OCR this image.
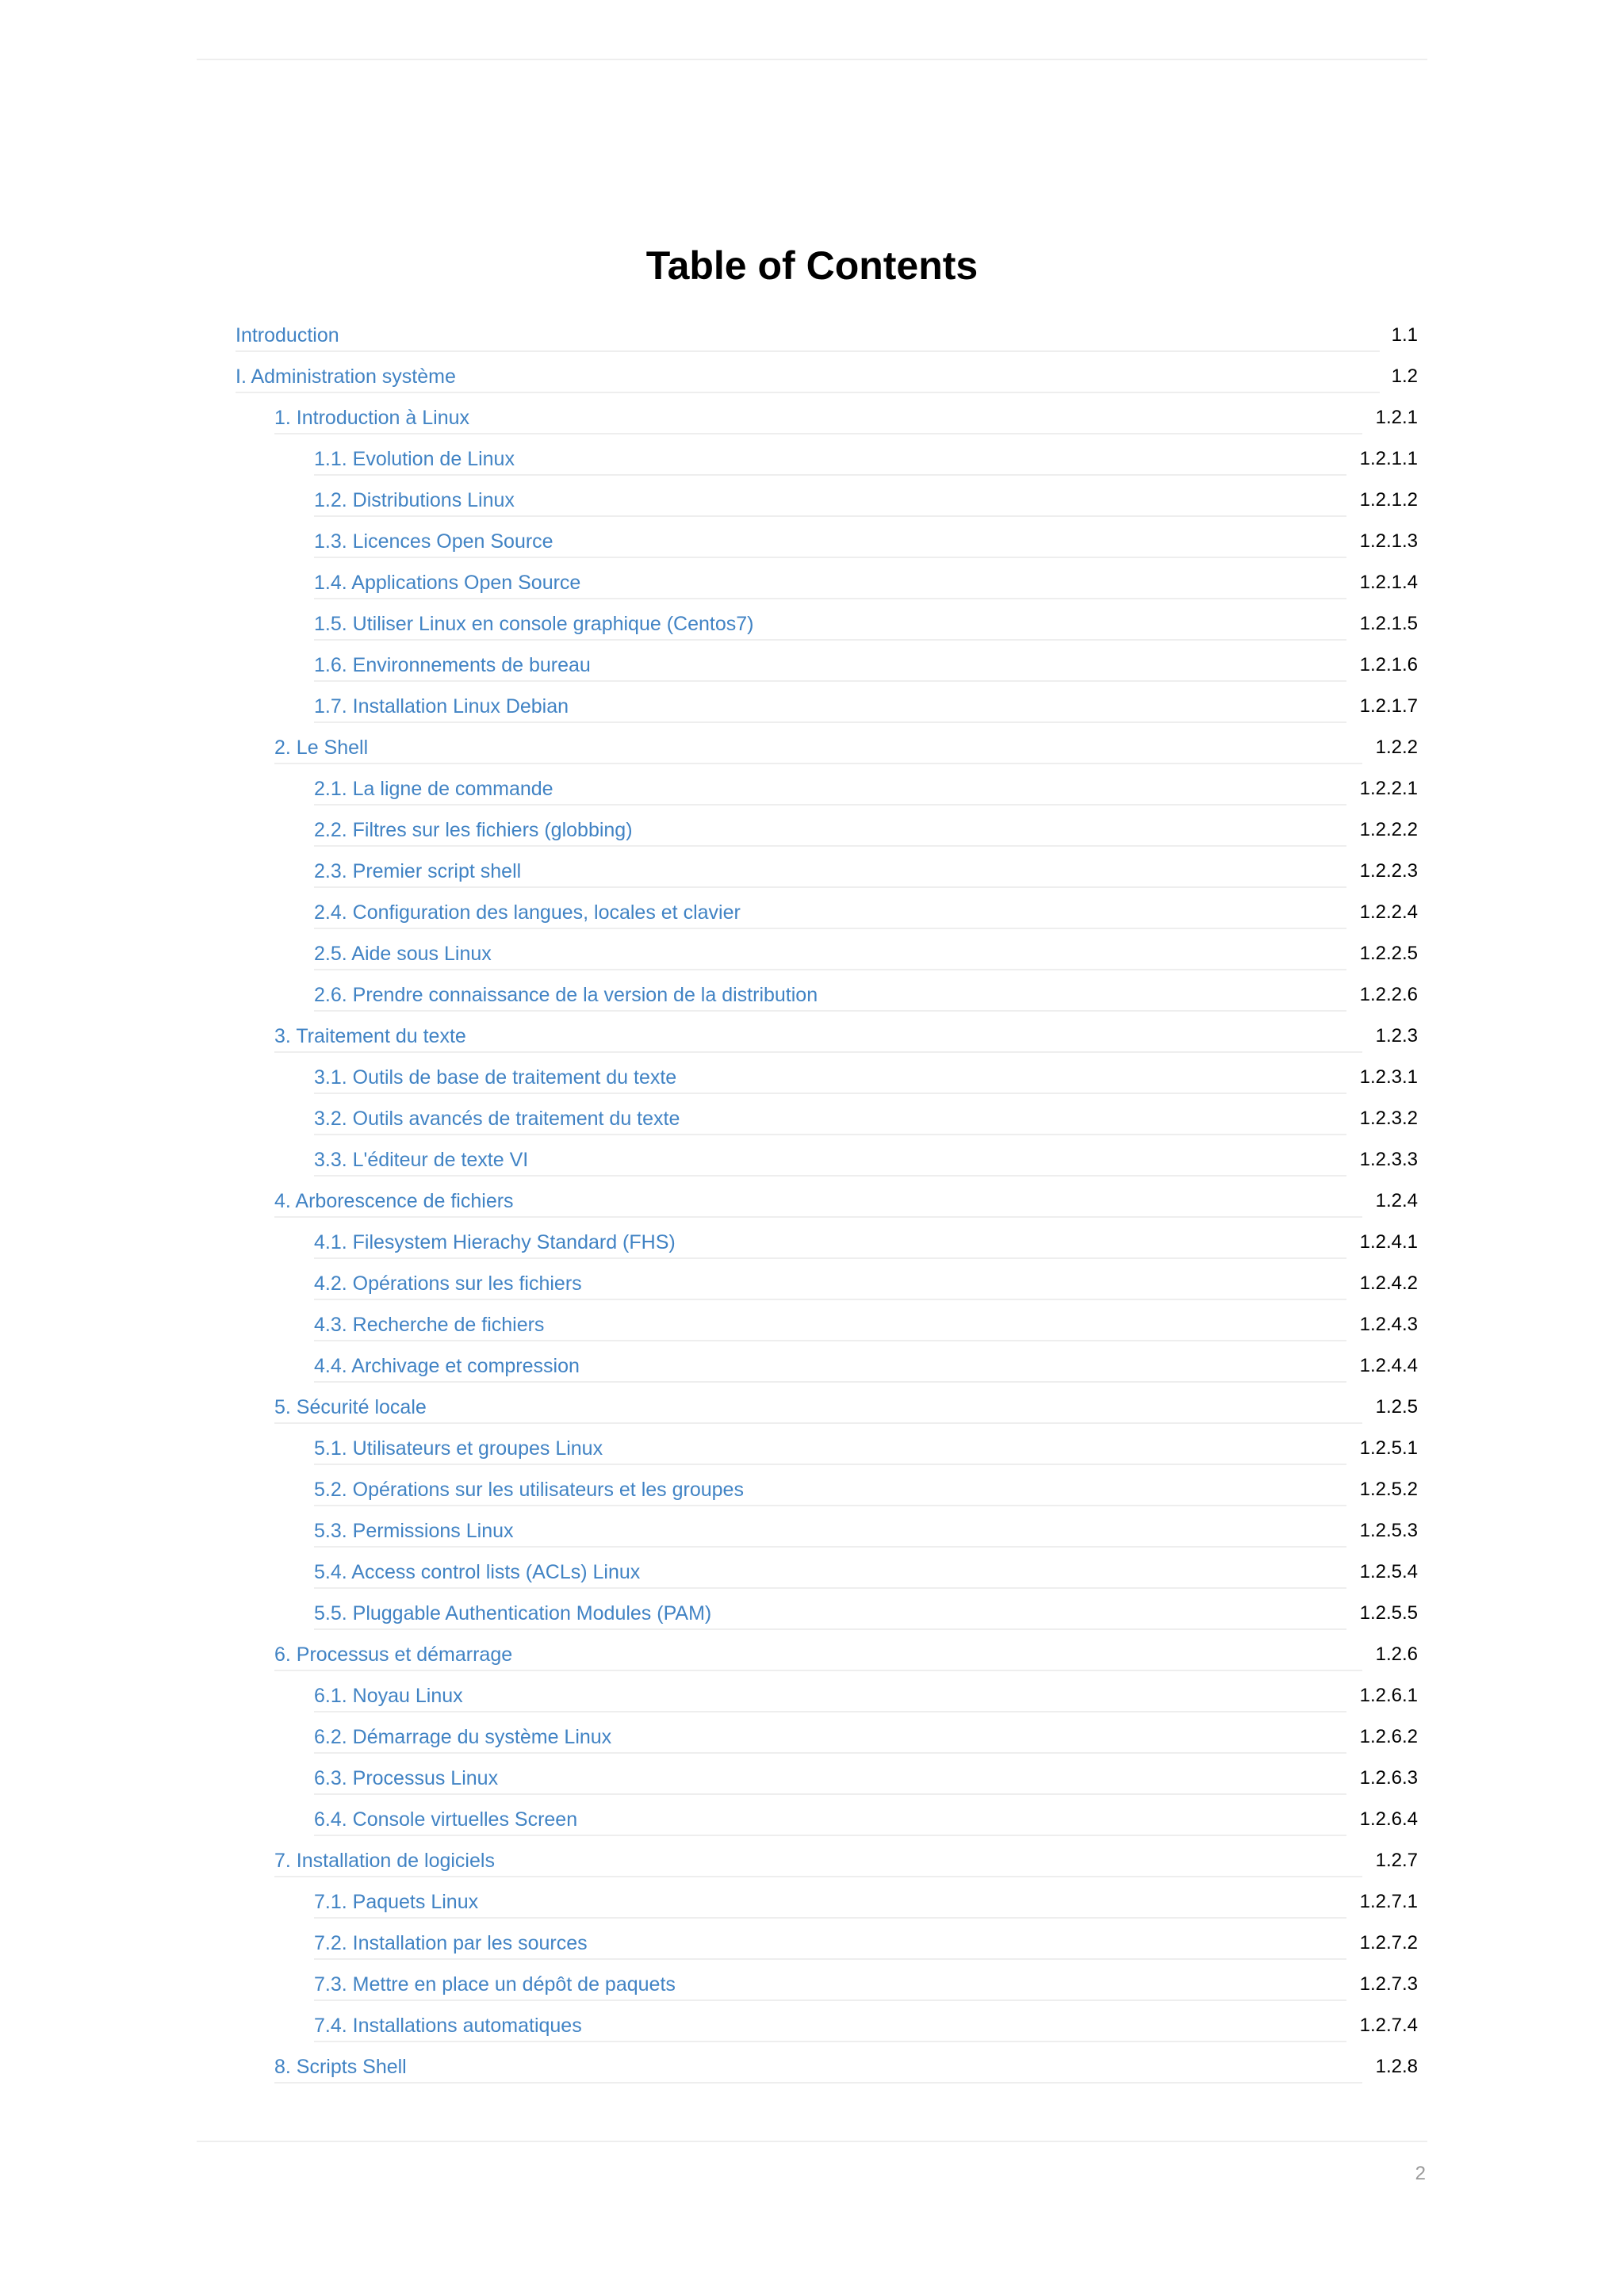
Table of Contents
Introduction	1.1
I. Administration système	1.2
1. Introduction à Linux	1.2.1
1.1. Evolution de Linux	1.2.1.1
1.2. Distributions Linux	1.2.1.2
1.3. Licences Open Source	1.2.1.3
1.4. Applications Open Source	1.2.1.4
1.5. Utiliser Linux en console graphique (Centos7)	1.2.1.5
1.6. Environnements de bureau	1.2.1.6
1.7. Installation Linux Debian	1.2.1.7
2. Le Shell	1.2.2
2.1. La ligne de commande	1.2.2.1
2.2. Filtres sur les fichiers (globbing)	1.2.2.2
2.3. Premier script shell	1.2.2.3
2.4. Configuration des langues, locales et clavier	1.2.2.4
2.5. Aide sous Linux	1.2.2.5
2.6. Prendre connaissance de la version de la distribution	1.2.2.6
3. Traitement du texte	1.2.3
3.1. Outils de base de traitement du texte	1.2.3.1
3.2. Outils avancés de traitement du texte	1.2.3.2
3.3. L'éditeur de texte VI	1.2.3.3
4. Arborescence de fichiers	1.2.4
4.1. Filesystem Hierachy Standard (FHS)	1.2.4.1
4.2. Opérations sur les fichiers	1.2.4.2
4.3. Recherche de fichiers	1.2.4.3
4.4. Archivage et compression	1.2.4.4
5. Sécurité locale	1.2.5
5.1. Utilisateurs et groupes Linux	1.2.5.1
5.2. Opérations sur les utilisateurs et les groupes	1.2.5.2
5.3. Permissions Linux	1.2.5.3
5.4. Access control lists (ACLs) Linux	1.2.5.4
5.5. Pluggable Authentication Modules (PAM)	1.2.5.5
6. Processus et démarrage	1.2.6
6.1. Noyau Linux	1.2.6.1
6.2. Démarrage du système Linux	1.2.6.2
6.3. Processus Linux	1.2.6.3
6.4. Console virtuelles Screen	1.2.6.4
7. Installation de logiciels	1.2.7
7.1. Paquets Linux	1.2.7.1
7.2. Installation par les sources	1.2.7.2
7.3. Mettre en place un dépôt de paquets	1.2.7.3
7.4. Installations automatiques	1.2.7.4
8. Scripts Shell	1.2.8
2
